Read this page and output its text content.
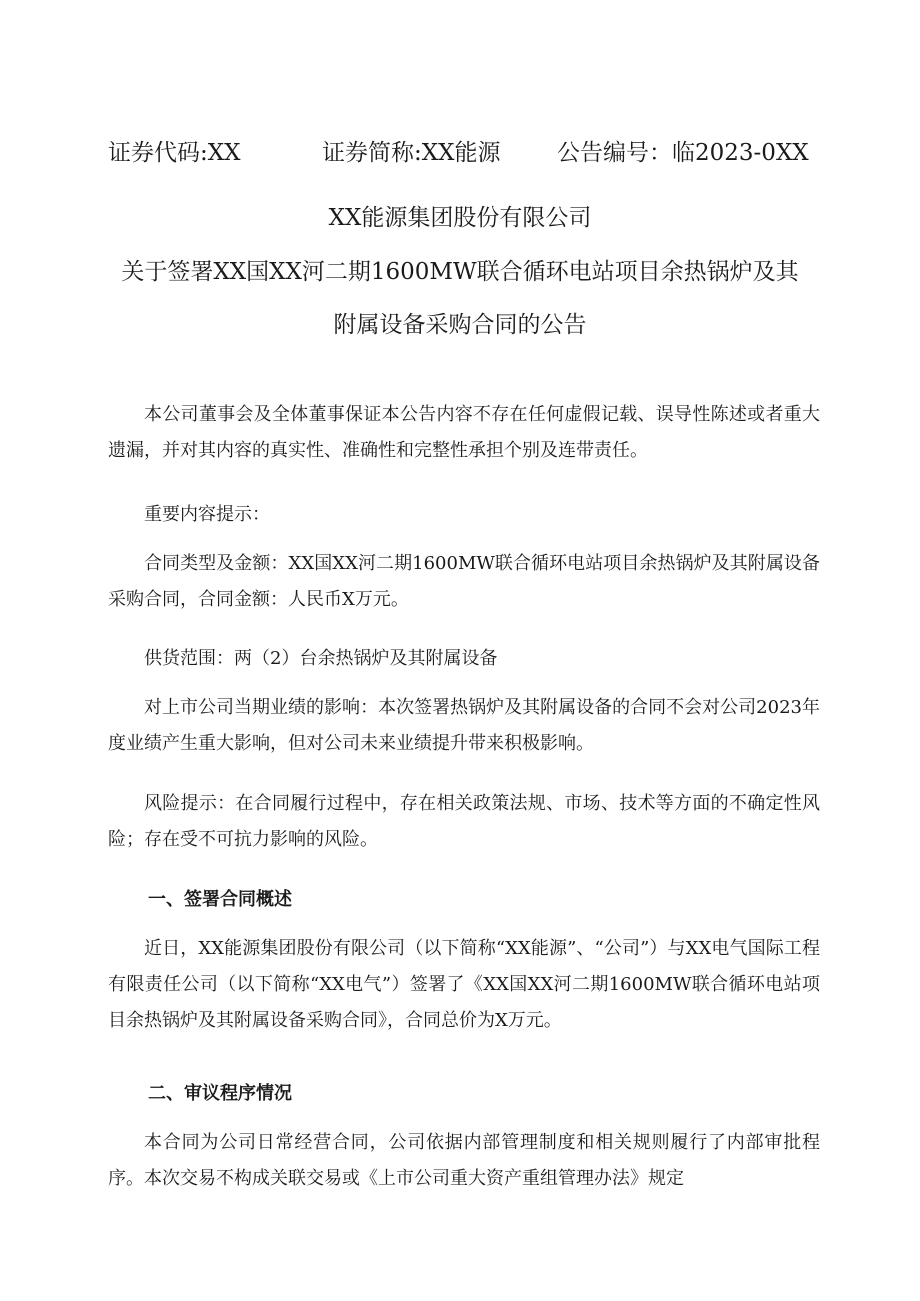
证券代码:XX	证券简称:XX能源 公告编号：临2023-0XX
XX能源集团股份有限公司
关于签署XX国XX河二期1600MW联合循环电站项目余热锅炉及其
附属设备采购合同的公告

本公司董事会及全体董事保证本公告内容不存在任何虚假记载、误导性陈述或者重大遗漏，并对其内容的真实性、准确性和完整性承担个别及连带责任。

重要内容提示：

合同类型及金额：XX国XX河二期1600MW联合循环电站项目余热锅炉及其附属设备采购合同，合同金额：人民币X万元。

供货范围：两（2）台余热锅炉及其附属设备

对上市公司当期业绩的影响：本次签署热锅炉及其附属设备的合同不会对公司2023年度业绩产生重大影响，但对公司未来业绩提升带来积极影响。

风险提示：在合同履行过程中，存在相关政策法规、市场、技术等方面的不确定性风险；存在受不可抗力影响的风险。

一、签署合同概述

近日，XX能源集团股份有限公司（以下简称“XX能源”、“公司”）与XX电气国际工程有限责任公司（以下简称“XX电气”）签署了《XX国XX河二期1600MW联合循环电站项目余热锅炉及其附属设备采购合同》，合同总价为X万元。

二、审议程序情况

本合同为公司日常经营合同，公司依据内部管理制度和相关规则履行了内部审批程序。本次交易不构成关联交易或《上市公司重大资产重组管理办法》规定
